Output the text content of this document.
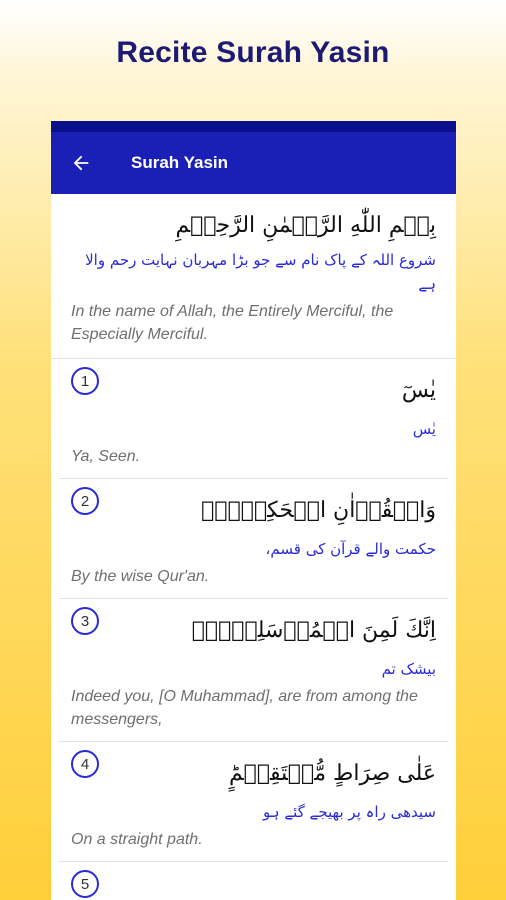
Recite Surah Yasin
Surah Yasin
بِسۡمِ اللّٰهِ الرَّحۡمٰنِ الرَّحِيۡمِ
شروع اللہ کے پاک نام سے جو بڑا مہربان نہایت رحم والا ہے
In the name of Allah, the Entirely Merciful, the Especially Merciful.
1	يٰسٓ
یٰس
Ya, Seen.
2	وَالۡقُرۡاٰنِ الۡحَكِيۡمِۙ
حکمت والے قرآن کی قسم،
By the wise Qur'an.
3	اِنَّكَ لَمِنَ الۡمُرۡسَلِيۡنَۙ
بیشک تم
Indeed you, [O Muhammad], are from among the messengers,
4	عَلٰى صِرَاطٍ مُّسۡتَقِيۡمٍؕ
سیدھی راہ پر بھیجے گئے ہو
On a straight path.
5
